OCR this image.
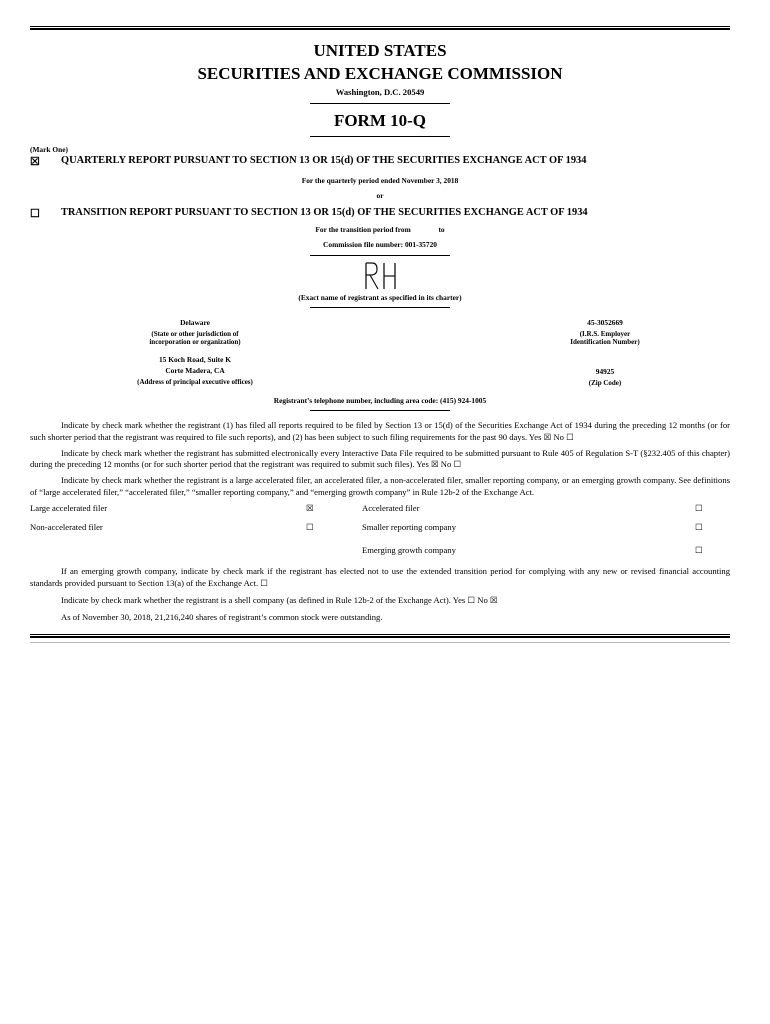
UNITED STATES
SECURITIES AND EXCHANGE COMMISSION
Washington, D.C. 20549
FORM 10-Q
(Mark One)
☒	QUARTERLY REPORT PURSUANT TO SECTION 13 OR 15(d) OF THE SECURITIES EXCHANGE ACT OF 1934
For the quarterly period ended November 3, 2018
or
☐	TRANSITION REPORT PURSUANT TO SECTION 13 OR 15(d) OF THE SECURITIES EXCHANGE ACT OF 1934
For the transition period from	to
Commission file number: 001-35720
(Exact name of registrant as specified in its charter)
Delaware
(State or other jurisdiction of
incorporation or organization)
45-3052669
(I.R.S. Employer
Identification Number)
15 Koch Road, Suite K
Corte Madera, CA
(Address of principal executive offices)
94925
(Zip Code)
Registrant’s telephone number, including area code: (415) 924-1005
Indicate by check mark whether the registrant (1) has filed all reports required to be filed by Section 13 or 15(d) of the Securities Exchange Act of 1934 during the preceding 12 months (or for such shorter period that the registrant was required to file such reports), and (2) has been subject to such filing requirements for the past 90 days. Yes ☒ No ☐
Indicate by check mark whether the registrant has submitted electronically every Interactive Data File required to be submitted pursuant to Rule 405 of Regulation S-T (§232.405 of this chapter) during the preceding 12 months (or for such shorter period that the registrant was required to submit such files). Yes ☒ No ☐
Indicate by check mark whether the registrant is a large accelerated filer, an accelerated filer, a non-accelerated filer, smaller reporting company, or an emerging growth company. See definitions of “large accelerated filer,” “accelerated filer,” “smaller reporting company,” and “emerging growth company” in Rule 12b-2 of the Exchange Act.
Large accelerated filer	☒	Accelerated filer	☐
Non-accelerated filer	☐	Smaller reporting company	☐
Emerging growth company	☐
If an emerging growth company, indicate by check mark if the registrant has elected not to use the extended transition period for complying with any new or revised financial accounting standards provided pursuant to Section 13(a) of the Exchange Act. ☐
Indicate by check mark whether the registrant is a shell company (as defined in Rule 12b-2 of the Exchange Act). Yes ☐ No ☒
As of November 30, 2018, 21,216,240 shares of registrant’s common stock were outstanding.
